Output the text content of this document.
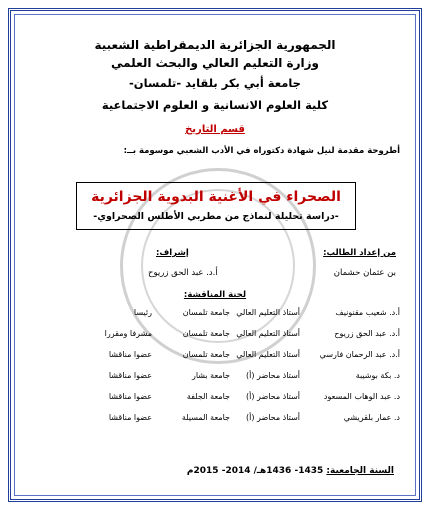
الجمهورية الجزائرية الديمقراطية الشعبية
وزارة التعليم العالي والبحث العلمي
جامعة أبي بكر بلقايد -تلمسان-
كلية العلوم الانسانية و العلوم الاجتماعية
قسم التاريخ
أطروحة مقدمة لنيل شهادة دكتوراه في الأدب الشعبي موسومة بــ:
الصحراء في الأغنية البدوية الجزائرية
-دراسة تحليلة لنماذج من مطربي الأطلس الصحراوي-
من إعداد الطالب:
إشراف:
بن عثمان حشمان
أ.د. عبد الحق زريوح
لجنة المناقشة:
أ.د. شعيب مقنونيف
أستاذ التعليم العالي
جامعة تلمسان
رئيسا
أ.د. عبد الحق زريوح
أستاذ التعليم العالي
جامعة تلمسان
مشرفا ومقررا
أ.د. عبد الرحمان فارسي
أستاذ التعليم العالي
جامعة تلمسان
عضوا مناقشا
د. بكة بوشيبة
أستاذ محاضر (أ)
جامعة بشار
عضوا مناقشا
د. عبد الوهاب المسعود
أستاذ محاضر (أ)
جامعة الجلفة
عضوا مناقشا
د. عمار بلقريشي
أستاذ محاضر (أ)
جامعة المسيلة
عضوا مناقشا
السنة الجامعية: 1435- 1436هـ/ 2014- 2015م
